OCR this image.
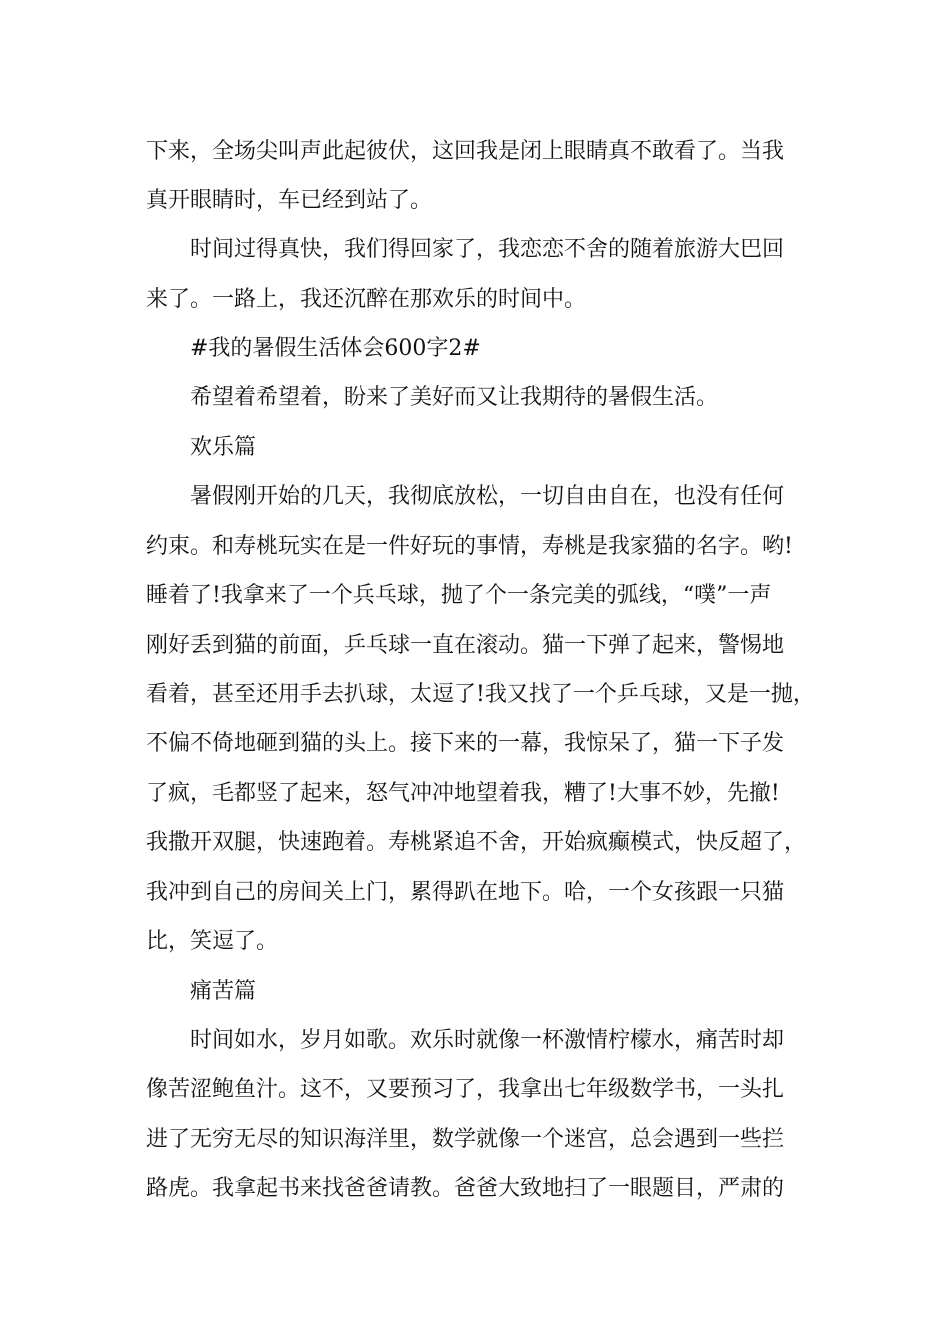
下来，全场尖叫声此起彼伏，这回我是闭上眼睛真不敢看了。当我
真开眼睛时，车已经到站了。
时间过得真快，我们得回家了，我恋恋不舍的随着旅游大巴回
来了。一路上，我还沉醉在那欢乐的时间中。
#我的暑假生活体会600字2#
希望着希望着，盼来了美好而又让我期待的暑假生活。
欢乐篇
暑假刚开始的几天，我彻底放松，一切自由自在，也没有任何
约束。和寿桃玩实在是一件好玩的事情，寿桃是我家猫的名字。哟!
睡着了!我拿来了一个兵乓球，抛了个一条完美的弧线，“噗”一声
刚好丢到猫的前面，乒乓球一直在滚动。猫一下弹了起来，警惕地
看着，甚至还用手去扒球，太逗了!我又找了一个乒乓球，又是一抛，
不偏不倚地砸到猫的头上。接下来的一幕，我惊呆了，猫一下子发
了疯，毛都竖了起来，怒气冲冲地望着我，糟了!大事不妙，先撤!
我撒开双腿，快速跑着。寿桃紧追不舍，开始疯癫模式，快反超了，
我冲到自己的房间关上门，累得趴在地下。哈，一个女孩跟一只猫
比，笑逗了。
痛苦篇
时间如水，岁月如歌。欢乐时就像一杯激情柠檬水，痛苦时却
像苦涩鲍鱼汁。这不，又要预习了，我拿出七年级数学书，一头扎
进了无穷无尽的知识海洋里，数学就像一个迷宫，总会遇到一些拦
路虎。我拿起书来找爸爸请教。爸爸大致地扫了一眼题目，严肃的
